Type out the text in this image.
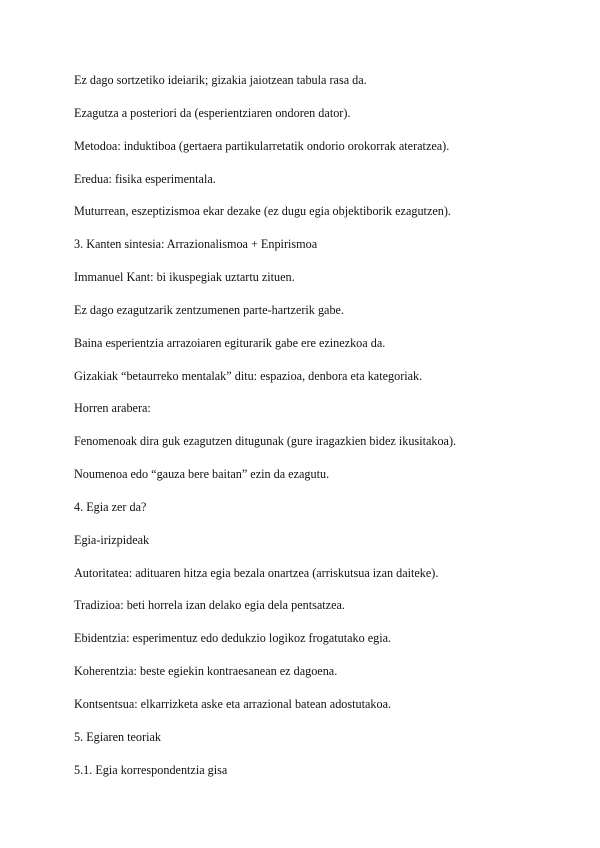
Ez dago sortzetiko ideiarik; gizakia jaiotzean tabula rasa da.

Ezagutza a posteriori da (esperientziaren ondoren dator).

Metodoa: induktiboa (gertaera partikularretatik ondorio orokorrak ateratzea).

Eredua: fisika esperimentala.

Muturrean, eszeptizismoa ekar dezake (ez dugu egia objektiborik ezagutzen).

3. Kanten sintesia: Arrazionalismoa + Enpirismoa

Immanuel Kant: bi ikuspegiak uztartu zituen.

Ez dago ezagutzarik zentzumenen parte-hartzerik gabe.

Baina esperientzia arrazoiaren egiturarik gabe ere ezinezkoa da.

Gizakiak “betaurreko mentalak” ditu: espazioa, denbora eta kategoriak.

Horren arabera:

Fenomenoak dira guk ezagutzen ditugunak (gure iragazkien bidez ikusitakoa).

Noumenoa edo “gauza bere baitan” ezin da ezagutu.

4. Egia zer da?

Egia-irizpideak

Autoritatea: adituaren hitza egia bezala onartzea (arriskutsua izan daiteke).

Tradizioa: beti horrela izan delako egia dela pentsatzea.

Ebidentzia: esperimentuz edo dedukzio logikoz frogatutako egia.

Koherentzia: beste egiekin kontraesanean ez dagoena.

Kontsentsua: elkarrizketa aske eta arrazional batean adostutakoa.

5. Egiaren teoriak

5.1. Egia korrespondentzia gisa
